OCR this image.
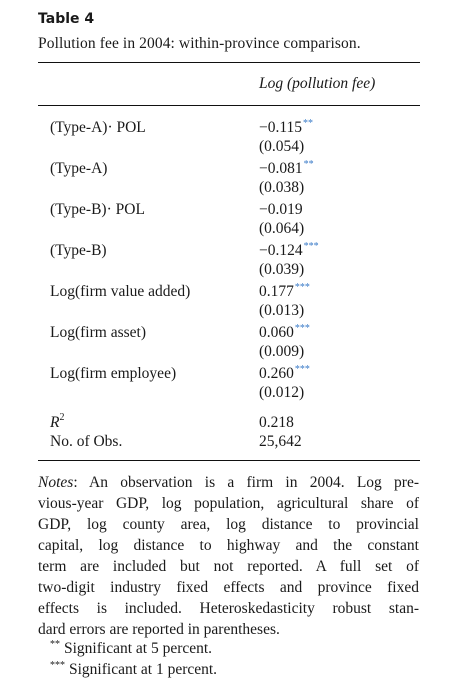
Table 4
Pollution fee in 2004: within-province comparison.
Log (pollution fee)
(Type-A)· POL	−0.115**
(0.054)
(Type-A)	−0.081**
(0.038)
(Type-B)· POL	−0.019
(0.064)
(Type-B)	−0.124***
(0.039)
Log(firm value added)	0.177***
(0.013)
Log(firm asset)	0.060***
(0.009)
Log(firm employee)	0.260***
(0.012)
$R^2$	0.218
No. of Obs.	25,642
Notes: An observation is a firm in 2004. Log pre-
vious-year GDP, log population, agricultural share of
GDP, log county area, log distance to provincial
capital, log distance to highway and the constant
term are included but not reported. A full set of
two-digit industry fixed effects and province fixed
effects is included. Heteroskedasticity robust stan-
dard errors are reported in parentheses.
** Significant at 5 percent.
*** Significant at 1 percent.
